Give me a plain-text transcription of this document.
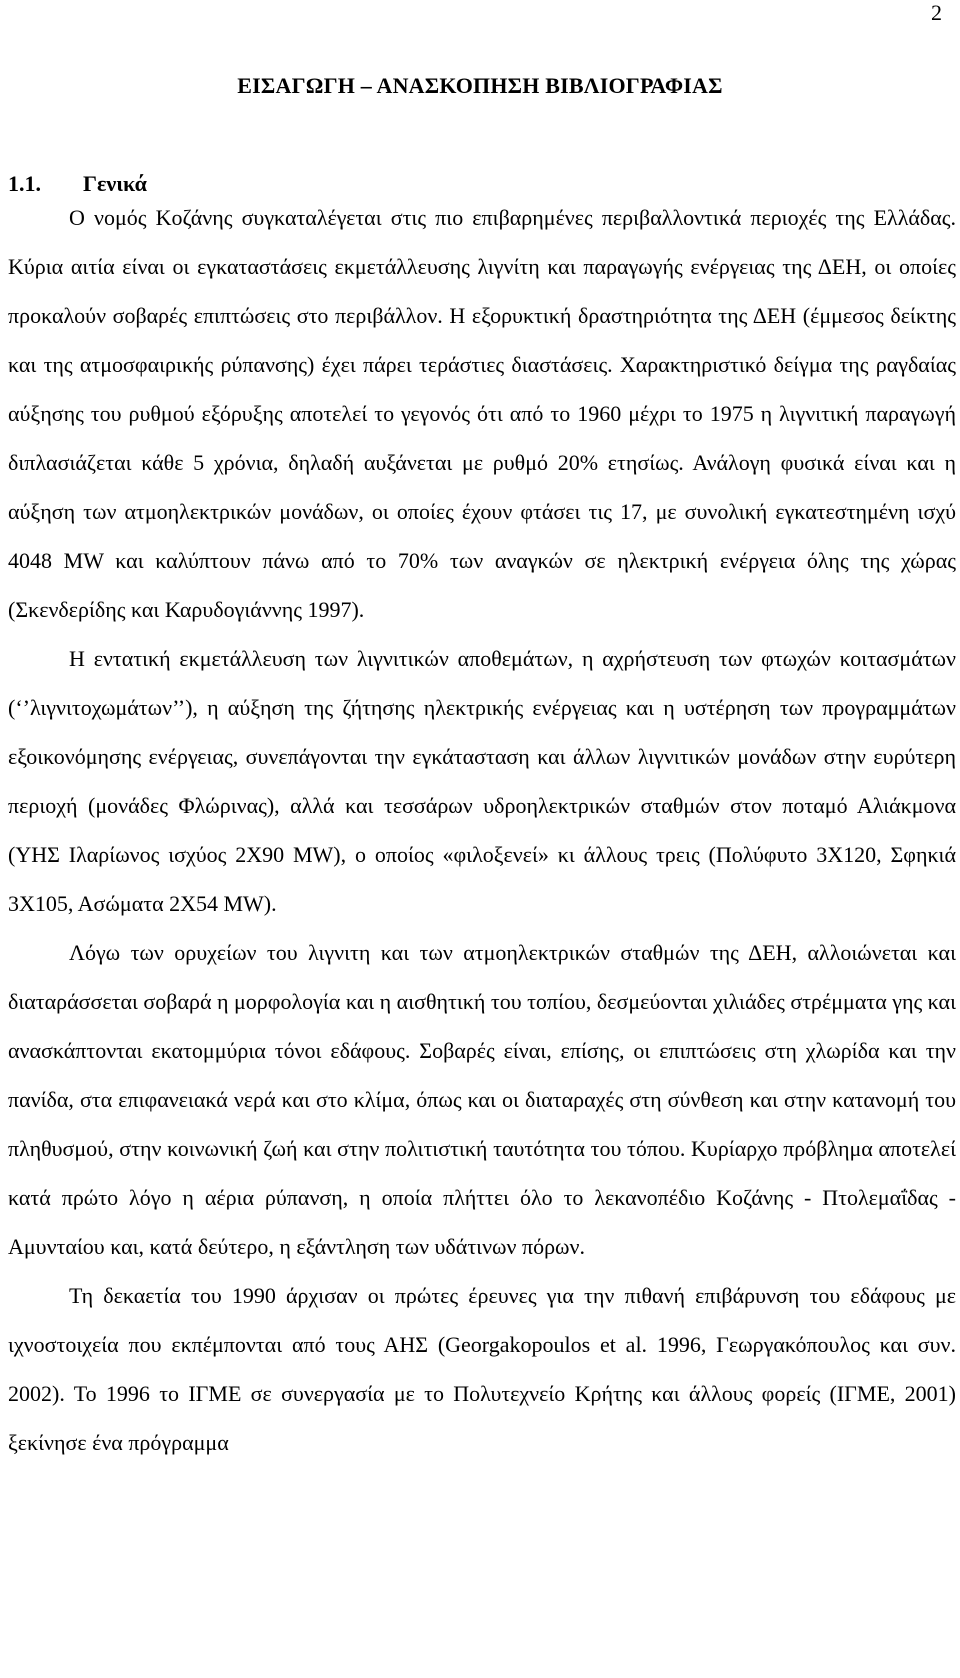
2
ΕΙΣΑΓΩΓΗ – ΑΝΑΣΚΟΠΗΣΗ ΒΙΒΛΙΟΓΡΑΦΙΑΣ
1.1. Γενικά

Ο νομός Κοζάνης συγκαταλέγεται στις πιο επιβαρημένες περιβαλλοντικά περιοχές της Ελλάδας. Κύρια αιτία είναι οι εγκαταστάσεις εκμετάλλευσης λιγνίτη και παραγωγής ενέργειας της ΔΕΗ, οι οποίες προκαλούν σοβαρές επιπτώσεις στο περιβάλλον. Η εξορυκτική δραστηριότητα της ΔΕΗ (έμμεσος δείκτης και της ατμοσφαιρικής ρύπανσης) έχει πάρει τεράστιες διαστάσεις. Χαρακτηριστικό δείγμα της ραγδαίας αύξησης του ρυθμού εξόρυξης αποτελεί το γεγονός ότι από το 1960 μέχρι το 1975 η λιγνιτική παραγωγή διπλασιάζεται κάθε 5 χρόνια, δηλαδή αυξάνεται με ρυθμό 20% ετησίως. Ανάλογη φυσικά είναι και η αύξηση των ατμοηλεκτρικών μονάδων, οι οποίες έχουν φτάσει τις 17, με συνολική εγκατεστημένη ισχύ 4048 MW και καλύπτουν πάνω από το 70% των αναγκών σε ηλεκτρική ενέργεια όλης της χώρας (Σκενδερίδης και Καρυδογιάννης 1997).

Η εντατική εκμετάλλευση των λιγνιτικών αποθεμάτων, η αχρήστευση των φτωχών κοιτασμάτων (‘’λιγνιτοχωμάτων’’), η αύξηση της ζήτησης ηλεκτρικής ενέργειας και η υστέρηση των προγραμμάτων εξοικονόμησης ενέργειας, συνεπάγονται την εγκάτασταση και άλλων λιγνιτικών μονάδων στην ευρύτερη περιοχή (μονάδες Φλώρινας), αλλά και τεσσάρων υδροηλεκτρικών σταθμών στον ποταμό Αλιάκμονα (ΥΗΣ Ιλαρίωνος ισχύος 2Χ90 MW), ο οποίος «φιλοξενεί» κι άλλους τρεις (Πολύφυτο 3Χ120, Σφηκιά 3Χ105, Ασώματα 2Χ54 MW).

Λόγω των ορυχείων του λιγνιτη και των ατμοηλεκτρικών σταθμών της ΔΕΗ, αλλοιώνεται και διαταράσσεται σοβαρά η μορφολογία και η αισθητική του τοπίου, δεσμεύονται χιλιάδες στρέμματα γης και ανασκάπτονται εκατομμύρια τόνοι εδάφους. Σοβαρές είναι, επίσης, οι επιπτώσεις στη χλωρίδα και την πανίδα, στα επιφανειακά νερά και στο κλίμα, όπως και οι διαταραχές στη σύνθεση και στην κατανομή του πληθυσμού, στην κοινωνική ζωή και στην πολιτιστική ταυτότητα του τόπου. Κυρίαρχο πρόβλημα αποτελεί κατά πρώτο λόγο η αέρια ρύπανση, η οποία πλήττει όλο το λεκανοπέδιο Κοζάνης - Πτολεμαΐδας - Αμυνταίου και, κατά δεύτερο, η εξάντληση των υδάτινων πόρων.

Τη δεκαετία του 1990 άρχισαν οι πρώτες έρευνες για την πιθανή επιβάρυνση του εδάφους με ιχνοστοιχεία που εκπέμπονται από τους ΑΗΣ (Georgakopoulos et al. 1996, Γεωργακόπουλος και συν. 2002). Το 1996 το ΙΓΜΕ σε συνεργασία με το Πολυτεχνείο Κρήτης και άλλους φορείς (ΙΓΜΕ, 2001) ξεκίνησε ένα πρόγραμμα
